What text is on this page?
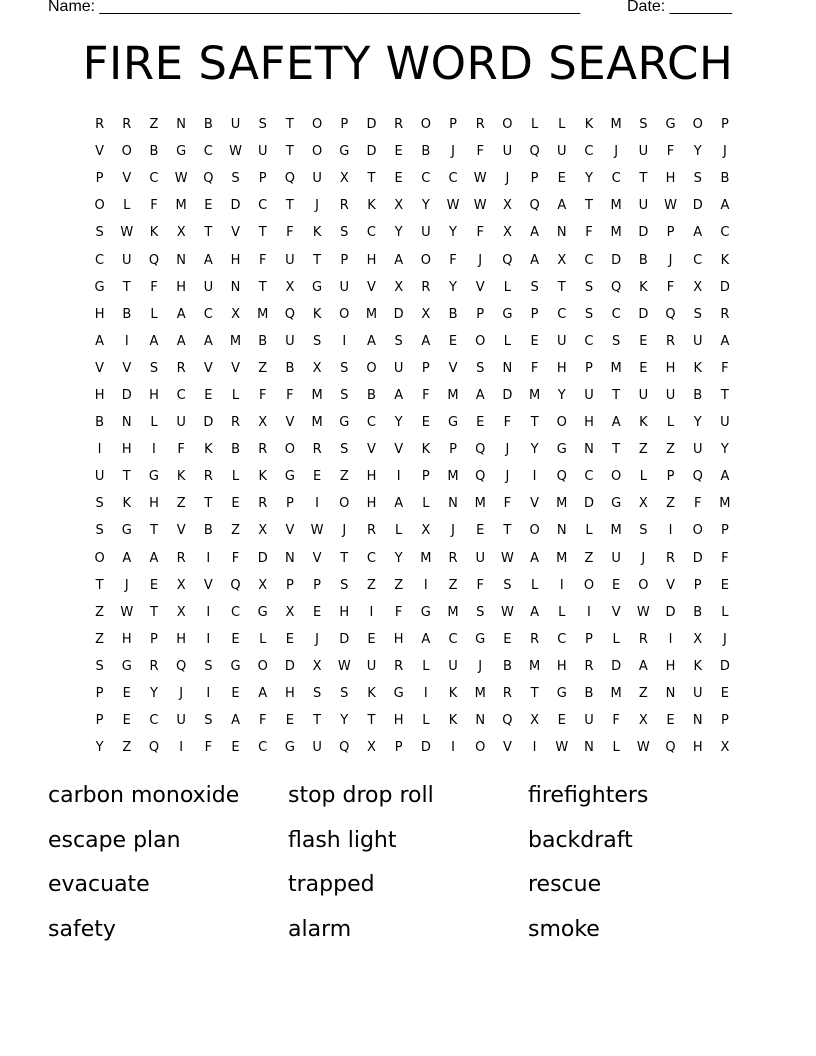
Name: ______________________________________________________	Date: _______
FIRE SAFETY WORD SEARCH
R	R	Z	N	B	U	S	T	O	P	D	R	O	P	R	O	L	L	K	M	S	G	O	P
V	O	B	G	C	W	U	T	O	G	D	E	B	J	F	U	Q	U	C	J	U	F	Y	J
P	V	C	W	Q	S	P	Q	U	X	T	E	C	C	W	J	P	E	Y	C	T	H	S	B
O	L	F	M	E	D	C	T	J	R	K	X	Y	W	W	X	Q	A	T	M	U	W	D	A
S	W	K	X	T	V	T	F	K	S	C	Y	U	Y	F	X	A	N	F	M	D	P	A	C
C	U	Q	N	A	H	F	U	T	P	H	A	O	F	J	Q	A	X	C	D	B	J	C	K
G	T	F	H	U	N	T	X	G	U	V	X	R	Y	V	L	S	T	S	Q	K	F	X	D
H	B	L	A	C	X	M	Q	K	O	M	D	X	B	P	G	P	C	S	C	D	Q	S	R
A	I	A	A	A	M	B	U	S	I	A	S	A	E	O	L	E	U	C	S	E	R	U	A
V	V	S	R	V	V	Z	B	X	S	O	U	P	V	S	N	F	H	P	M	E	H	K	F
H	D	H	C	E	L	F	F	M	S	B	A	F	M	A	D	M	Y	U	T	U	U	B	T
B	N	L	U	D	R	X	V	M	G	C	Y	E	G	E	F	T	O	H	A	K	L	Y	U
I	H	I	F	K	B	R	O	R	S	V	V	K	P	Q	J	Y	G	N	T	Z	Z	U	Y
U	T	G	K	R	L	K	G	E	Z	H	I	P	M	Q	J	I	Q	C	O	L	P	Q	A
S	K	H	Z	T	E	R	P	I	O	H	A	L	N	M	F	V	M	D	G	X	Z	F	M
S	G	T	V	B	Z	X	V	W	J	R	L	X	J	E	T	O	N	L	M	S	I	O	P
O	A	A	R	I	F	D	N	V	T	C	Y	M	R	U	W	A	M	Z	U	J	R	D	F
T	J	E	X	V	Q	X	P	P	S	Z	Z	I	Z	F	S	L	I	O	E	O	V	P	E
Z	W	T	X	I	C	G	X	E	H	I	F	G	M	S	W	A	L	I	V	W	D	B	L
Z	H	P	H	I	E	L	E	J	D	E	H	A	C	G	E	R	C	P	L	R	I	X	J
S	G	R	Q	S	G	O	D	X	W	U	R	L	U	J	B	M	H	R	D	A	H	K	D
P	E	Y	J	I	E	A	H	S	S	K	G	I	K	M	R	T	G	B	M	Z	N	U	E
P	E	C	U	S	A	F	E	T	Y	T	H	L	K	N	Q	X	E	U	F	X	E	N	P
Y	Z	Q	I	F	E	C	G	U	Q	X	P	D	I	O	V	I	W	N	L	W	Q	H	X
carbon monoxide	stop drop roll	firefighters
escape plan	flash light	backdraft
evacuate	trapped	rescue
safety	alarm	smoke
